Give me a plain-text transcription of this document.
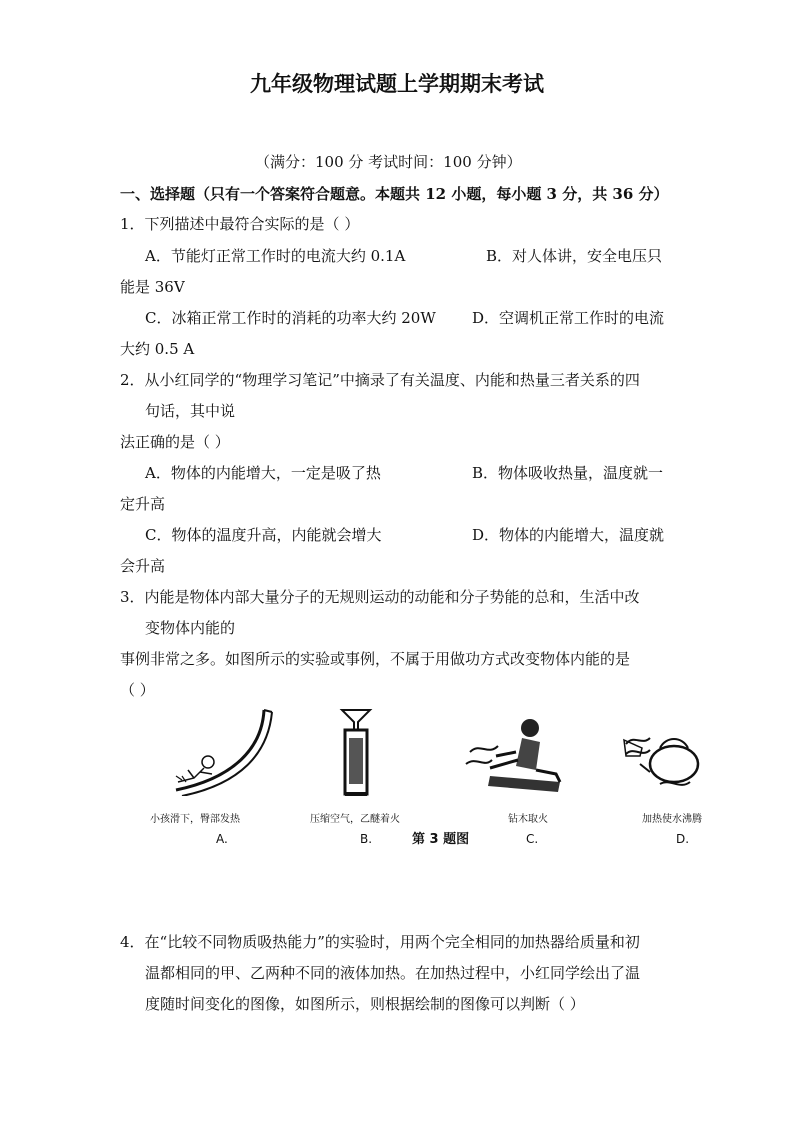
九年级物理试题上学期期末考试
（满分：100 分 考试时间：100 分钟）
一、选择题（只有一个答案符合题意。本题共 12 小题，每小题 3 分，共 36 分）
1．下列描述中最符合实际的是（ ）
A．节能灯正常工作时的电流大约 0.1A	B．对人体讲，安全电压只
能是 36V
C．冰箱正常工作时的消耗的功率大约 20W D．空调机正常工作时的电流
大约 0.5 A
2．从小红同学的“物理学习笔记”中摘录了有关温度、内能和热量三者关系的四
句话，其中说
法正确的是（ ）
A．物体的内能增大，一定是吸了热	B．物体吸收热量，温度就一
定升高
C．物体的温度升高，内能就会增大	D．物体的内能增大，温度就
会升高
3．内能是物体内部大量分子的无规则运动的动能和分子势能的总和，生活中改
变物体内能的
事例非常之多。如图所示的实验或事例，不属于用做功方式改变物体内能的是
（ ）
小孩滑下，臀部发热	压缩空气，乙醚着火	钻木取火	加热使水沸腾
A.	第 3 题图
B.	C.	D.
4．在“比较不同物质吸热能力”的实验时，用两个完全相同的加热器给质量和初
温都相同的甲、乙两种不同的液体加热。在加热过程中，小红同学绘出了温
度随时间变化的图像，如图所示，则根据绘制的图像可以判断（ ）
